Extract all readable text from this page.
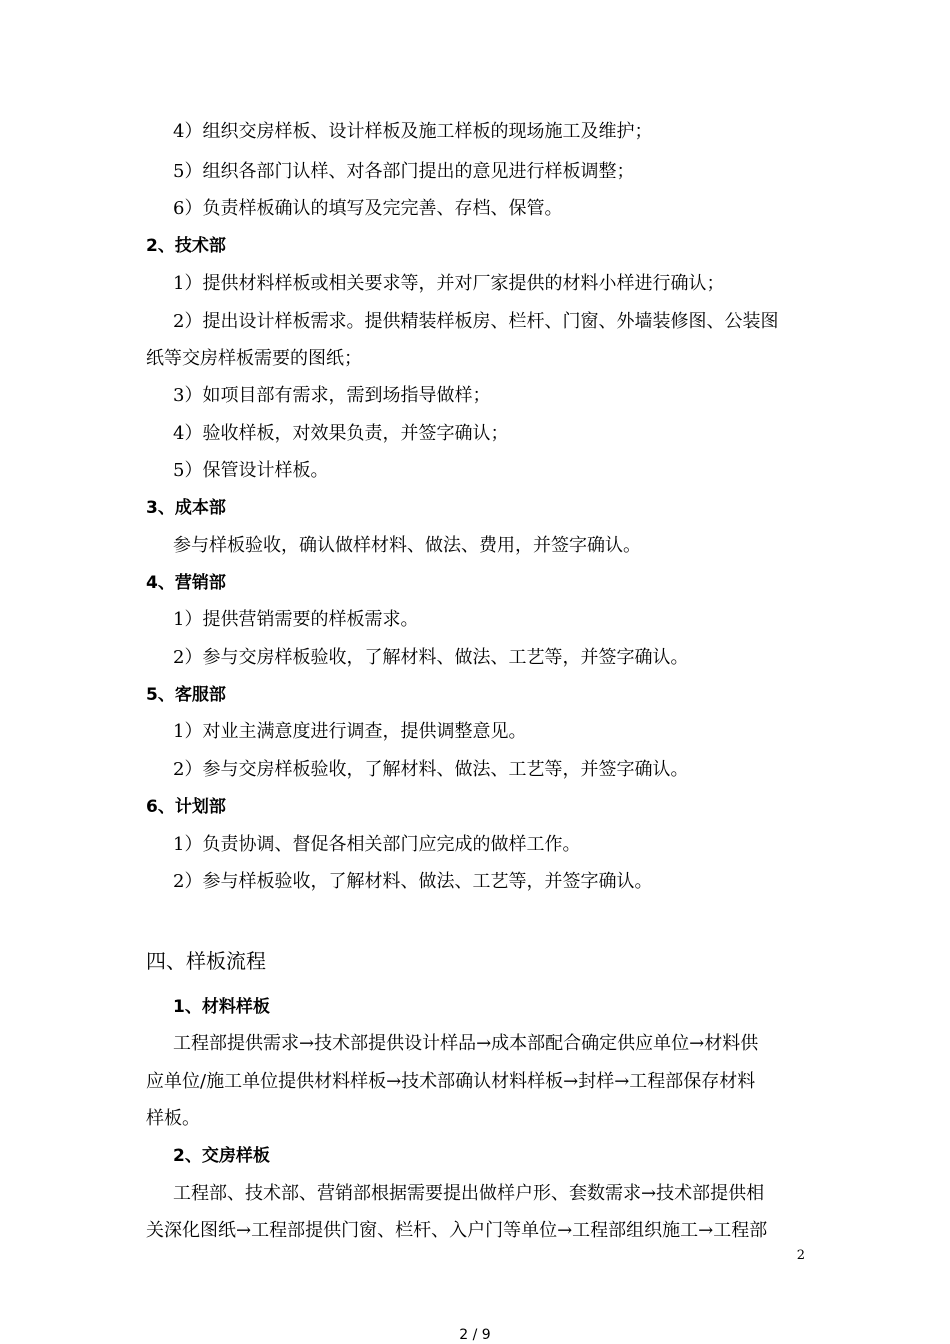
4）组织交房样板、设计样板及施工样板的现场施工及维护；
5）组织各部门认样、对各部门提出的意见进行样板调整；
6）负责样板确认的填写及完完善、存档、保管。
2、技术部
1）提供材料样板或相关要求等，并对厂家提供的材料小样进行确认；
2）提出设计样板需求。提供精装样板房、栏杆、门窗、外墙装修图、公装图
纸等交房样板需要的图纸；
3）如项目部有需求，需到场指导做样；
4）验收样板，对效果负责，并签字确认；
5）保管设计样板。
3、成本部
参与样板验收，确认做样材料、做法、费用，并签字确认。
4、营销部
1）提供营销需要的样板需求。
2）参与交房样板验收，了解材料、做法、工艺等，并签字确认。
5、客服部
1）对业主满意度进行调查，提供调整意见。
2）参与交房样板验收，了解材料、做法、工艺等，并签字确认。
6、计划部
1）负责协调、督促各相关部门应完成的做样工作。
2）参与样板验收，了解材料、做法、工艺等，并签字确认。
四、样板流程
1、材料样板
工程部提供需求→技术部提供设计样品→成本部配合确定供应单位→材料供
应单位/施工单位提供材料样板→技术部确认材料样板→封样→工程部保存材料
样板。
2、交房样板
工程部、技术部、营销部根据需要提出做样户形、套数需求→技术部提供相
关深化图纸→工程部提供门窗、栏杆、入户门等单位→工程部组织施工→工程部
2
2 / 9
